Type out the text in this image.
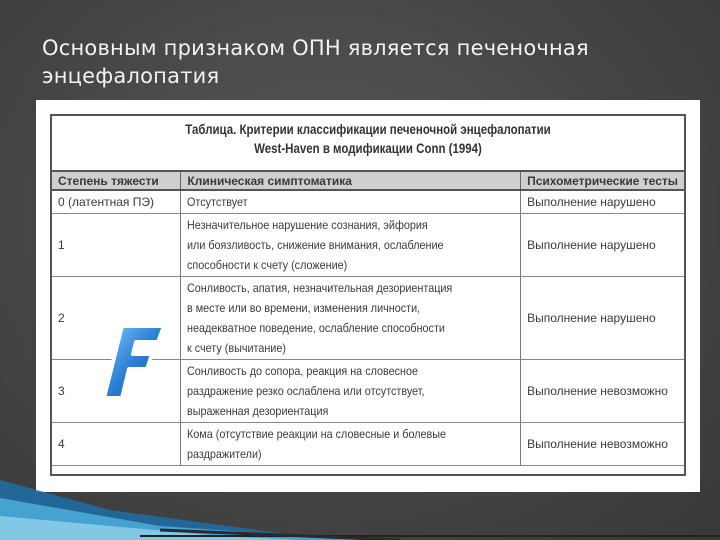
Основным признаком ОПН является печеночная энцефалопатия
Таблица. Критерии классификации печеночной энцефалопатии
West-Haven в модификации Conn (1994)
Степень тяжести	Клиническая симптоматика	Психометрические тесты
0 (латентная ПЭ)	Отсутствует	Выполнение нарушено
1	Незначительное нарушение сознания, эйфория
или боязливость, снижение внимания, ослабление
способности к счету (сложение)	Выполнение нарушено
2	Сонливость, апатия, незначительная дезориентация
в месте или во времени, изменения личности,
неадекватное поведение, ослабление способности
к счету (вычитание)	Выполнение нарушено
3	Сонливость до сопора, реакция на словесное
раздражение резко ослаблена или отсутствует,
выраженная дезориентация	Выполнение невозможно
4	Кома (отсутствие реакции на словесные и болевые
раздражители)	Выполнение невозможно
